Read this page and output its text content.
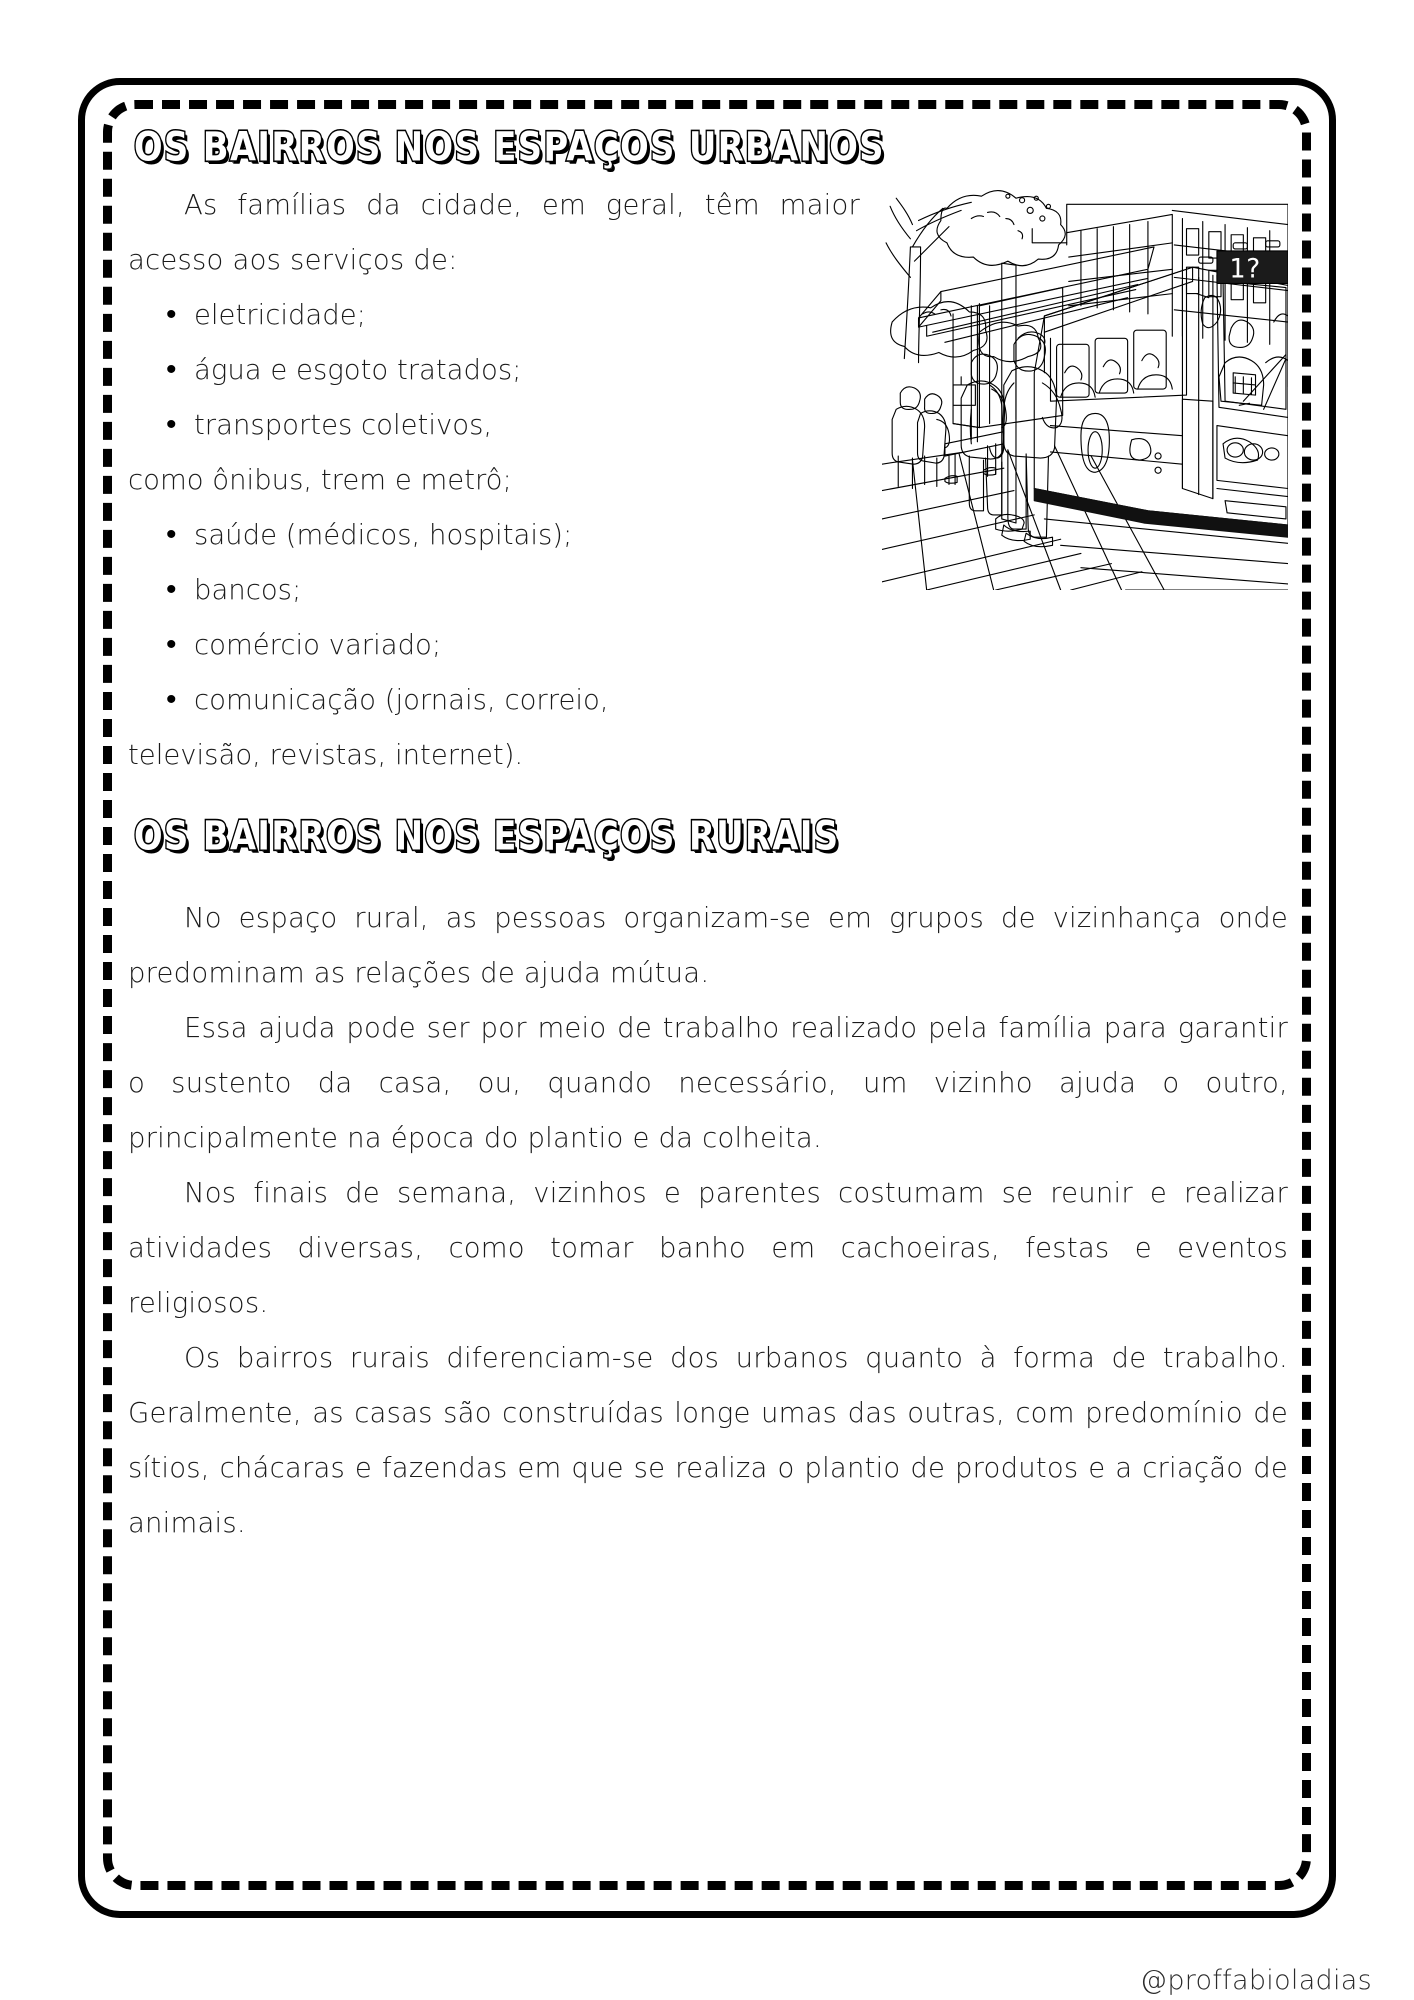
OS BAIRROS NOS ESPAÇOS URBANOS
1?

As famílias da cidade, em geral, têm maior acesso aos serviços de:

• eletricidade;
• água e esgoto tratados;
• transportes coletivos,
como ônibus, trem e metrô;
• saúde (médicos, hospitais);
• bancos;
• comércio variado;
• comunicação (jornais, correio,
televisão, revistas, internet).
OS BAIRROS NOS ESPAÇOS RURAIS

No espaço rural, as pessoas organizam-se em grupos de vizinhança onde predominam as relações de ajuda mútua.

Essa ajuda pode ser por meio de trabalho realizado pela família para garantir o sustento da casa, ou, quando necessário, um vizinho ajuda o outro, principalmente na época do plantio e da colheita.

Nos finais de semana, vizinhos e parentes costumam se reunir e realizar atividades diversas, como tomar banho em cachoeiras, festas e eventos religiosos.

Os bairros rurais diferenciam-se dos urbanos quanto à forma de trabalho. Geralmente, as casas são construídas longe umas das outras, com predomínio de sítios, chácaras e fazendas em que se realiza o plantio de produtos e a criação de animais.

@proffabioladias
